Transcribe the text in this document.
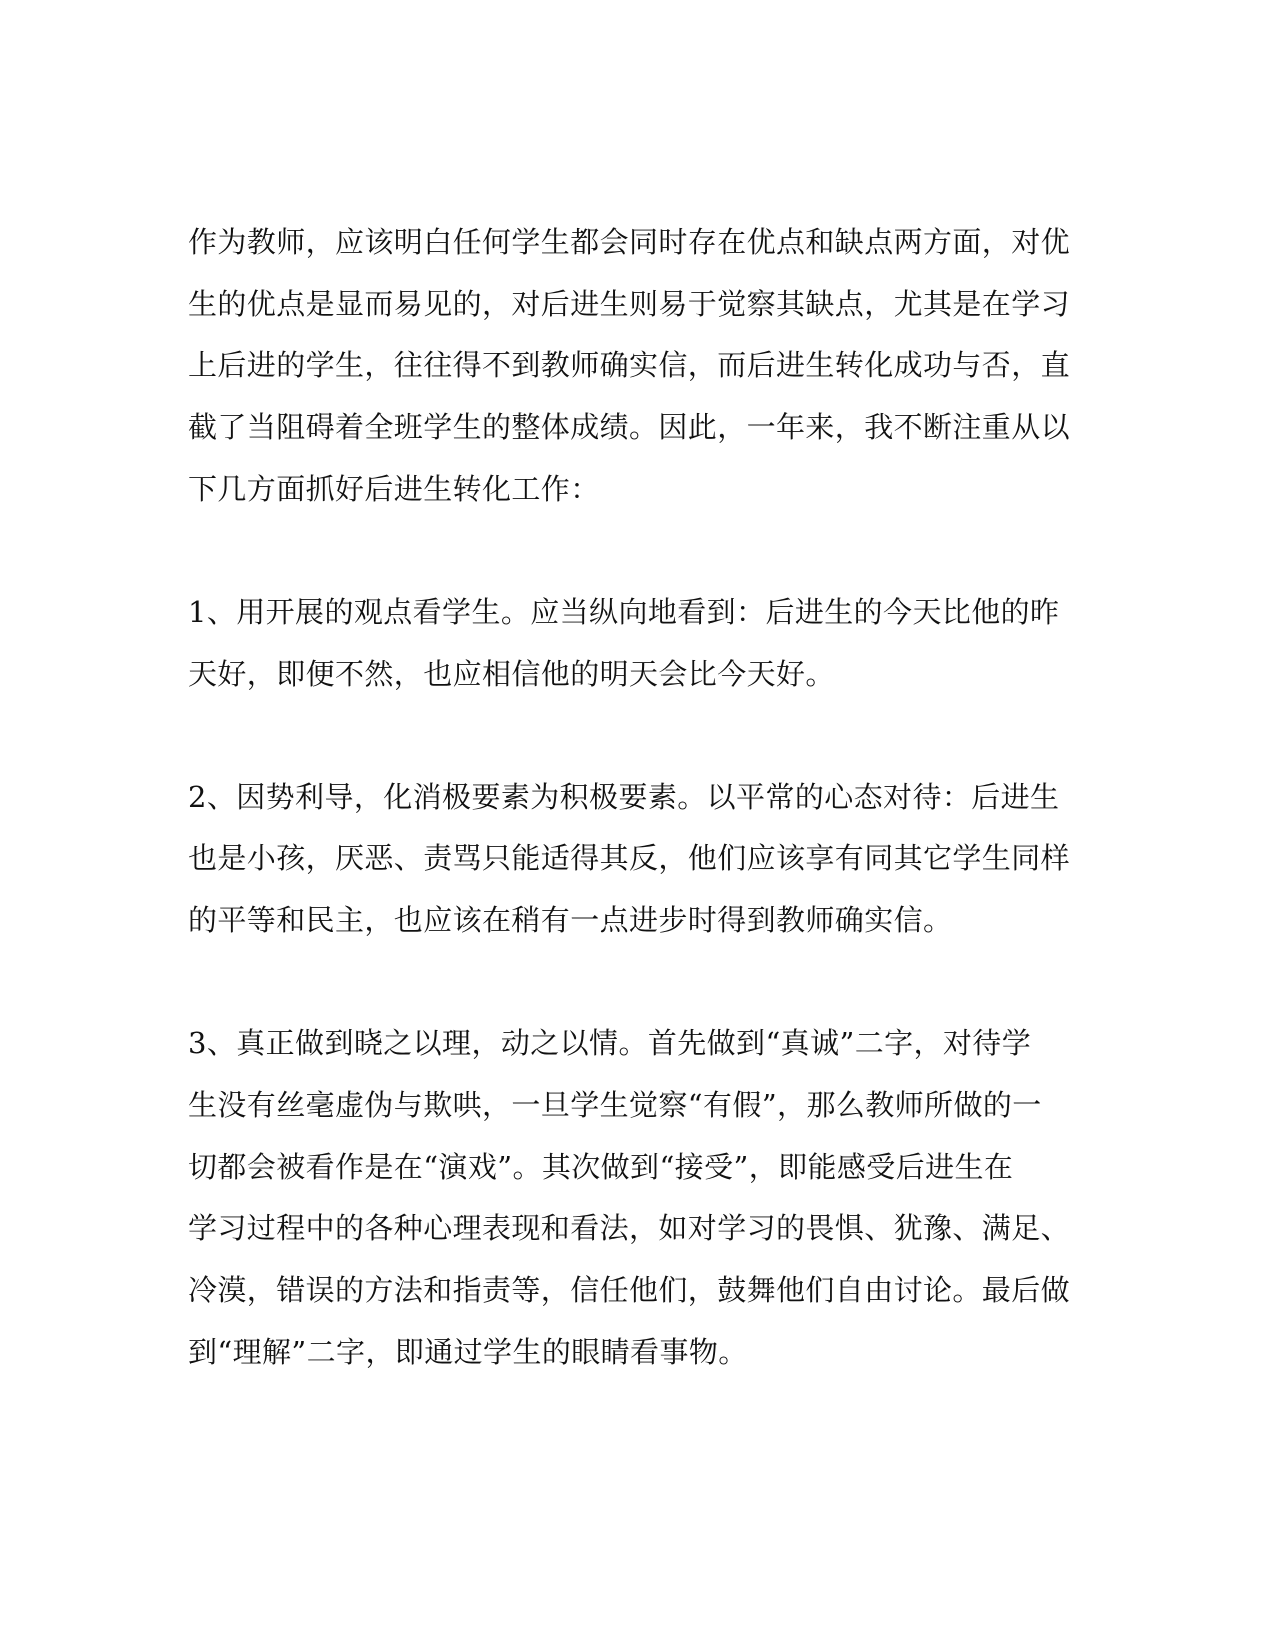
作为教师，应该明白任何学生都会同时存在优点和缺点两方面，对优
生的优点是显而易见的，对后进生则易于觉察其缺点，尤其是在学习
上后进的学生，往往得不到教师确实信，而后进生转化成功与否，直
截了当阻碍着全班学生的整体成绩。因此，一年来，我不断注重从以
下几方面抓好后进生转化工作：
1、用开展的观点看学生。应当纵向地看到：后进生的今天比他的昨
天好，即便不然，也应相信他的明天会比今天好。
2、因势利导，化消极要素为积极要素。以平常的心态对待：后进生
也是小孩，厌恶、责骂只能适得其反，他们应该享有同其它学生同样
的平等和民主，也应该在稍有一点进步时得到教师确实信。
3、真正做到晓之以理，动之以情。首先做到“真诚”二字，对待学
生没有丝毫虚伪与欺哄，一旦学生觉察“有假”，那么教师所做的一
切都会被看作是在“演戏”。其次做到“接受”，即能感受后进生在
学习过程中的各种心理表现和看法，如对学习的畏惧、犹豫、满足、
冷漠，错误的方法和指责等，信任他们，鼓舞他们自由讨论。最后做
到“理解”二字，即通过学生的眼睛看事物。
